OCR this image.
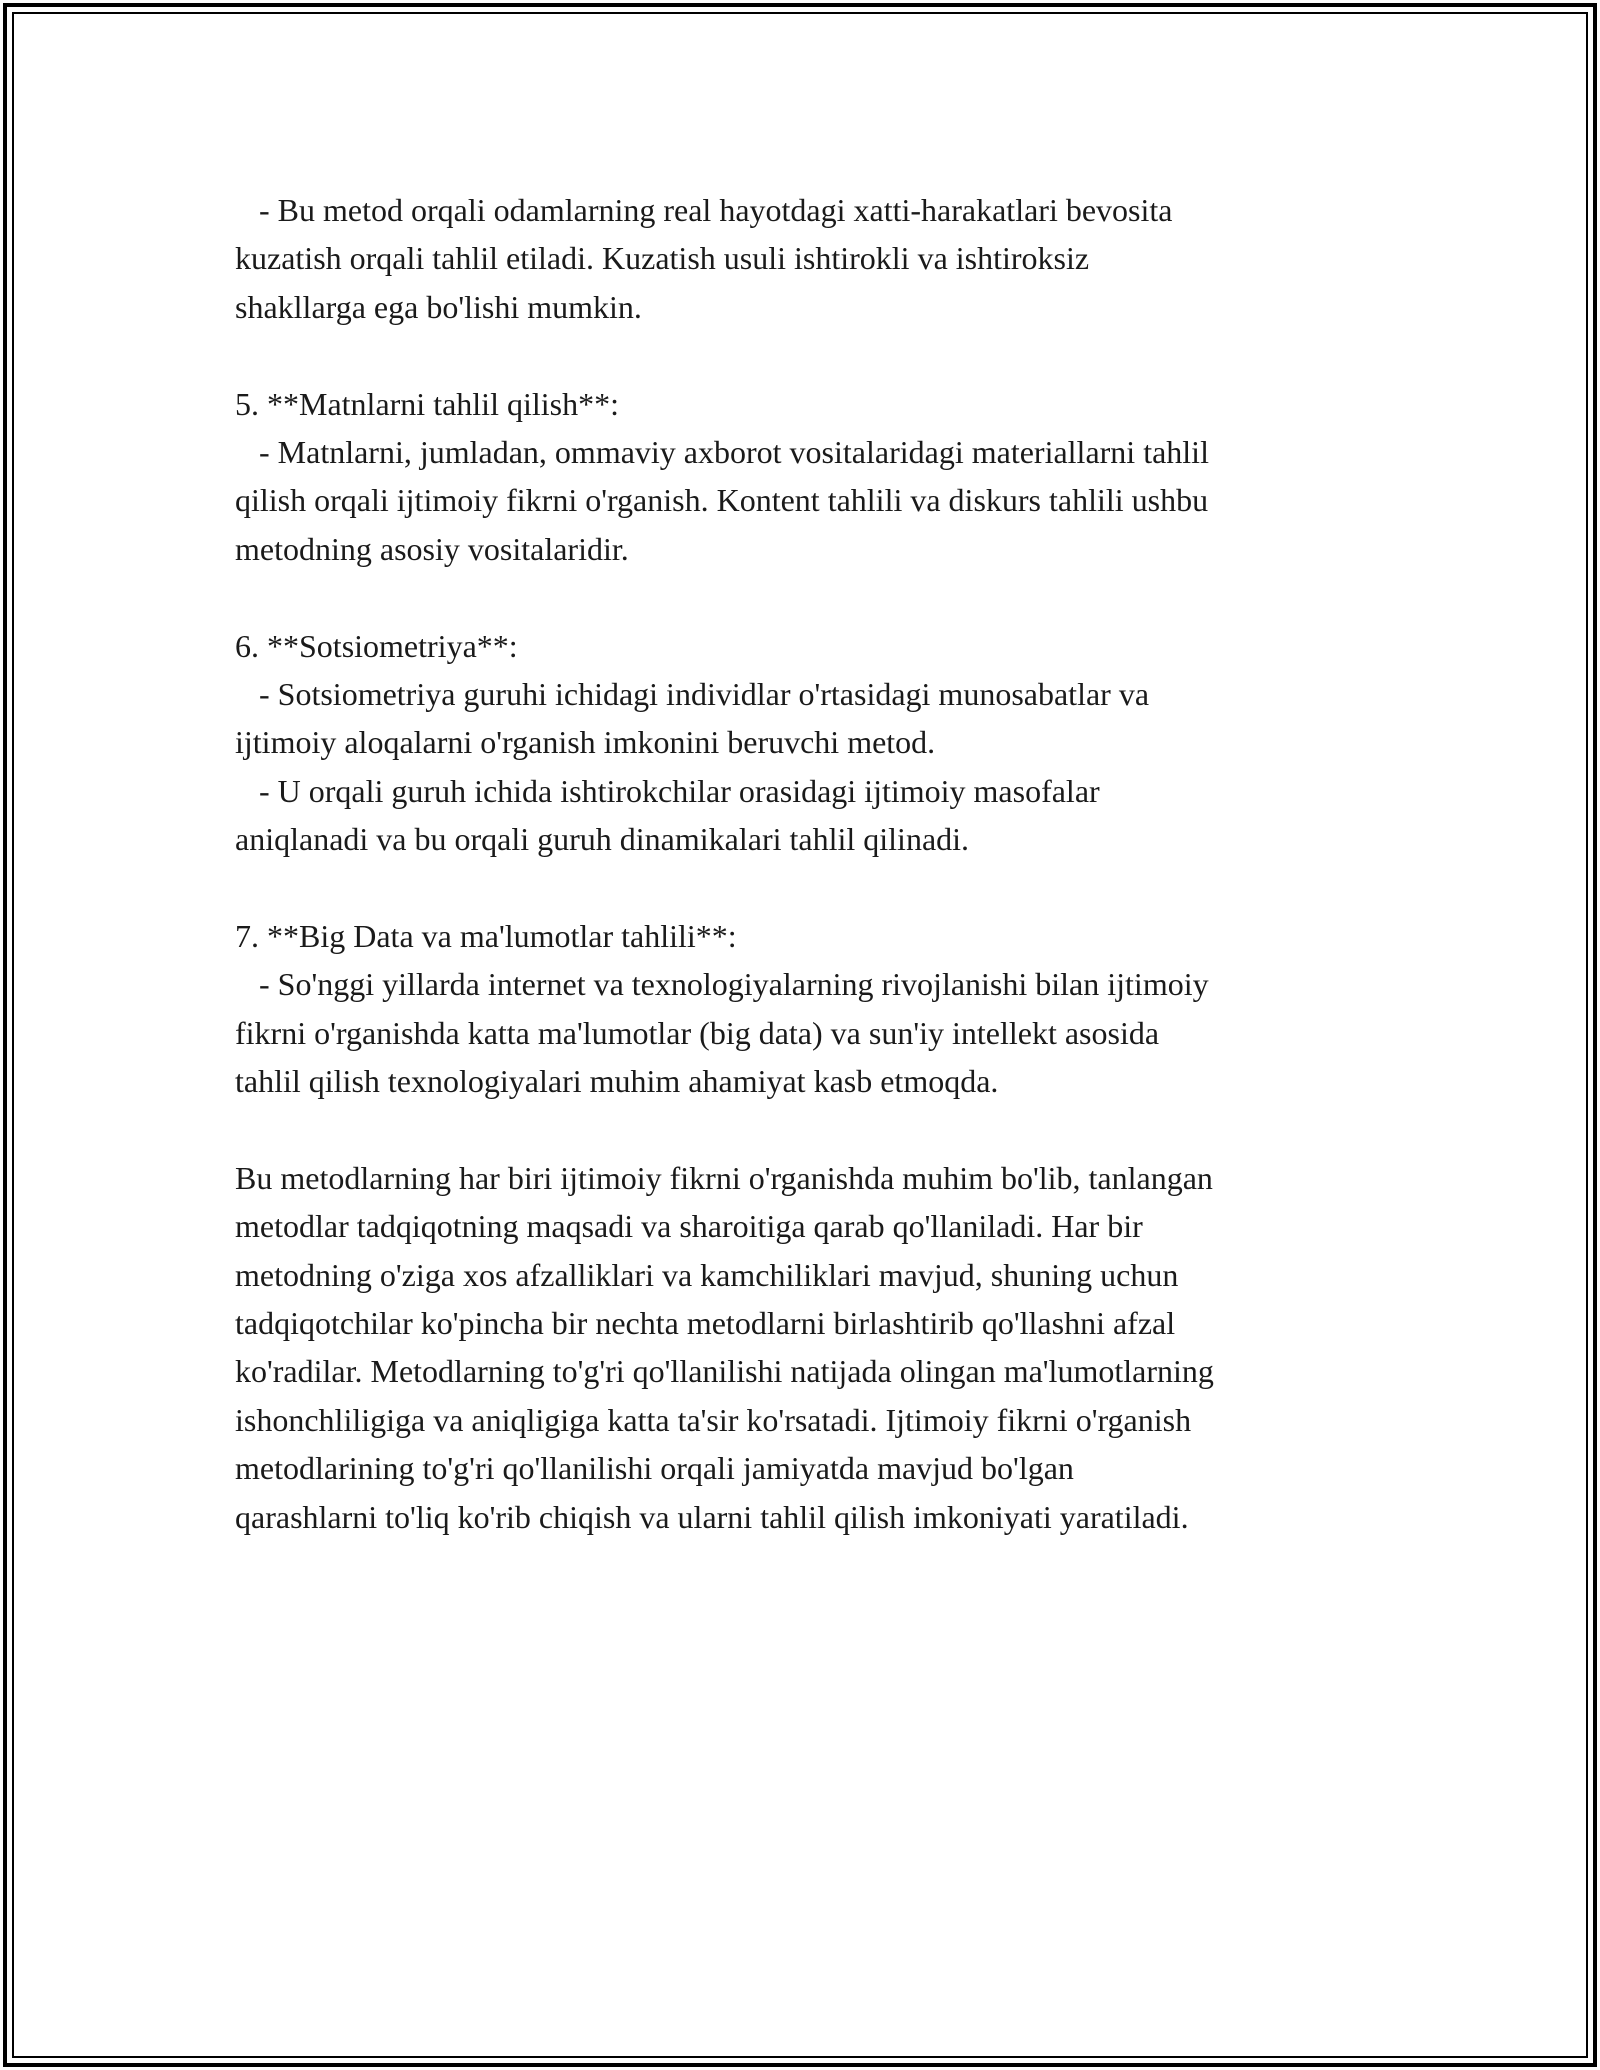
- Bu metod orqali odamlarning real hayotdagi xatti-harakatlari bevosita
kuzatish orqali tahlil etiladi. Kuzatish usuli ishtirokli va ishtiroksiz
shakllarga ega bo'lishi mumkin.
5. **Matnlarni tahlil qilish**:
- Matnlarni, jumladan, ommaviy axborot vositalaridagi materiallarni tahlil
qilish orqali ijtimoiy fikrni o'rganish. Kontent tahlili va diskurs tahlili ushbu
metodning asosiy vositalaridir.
6. **Sotsiometriya**:
- Sotsiometriya guruhi ichidagi individlar o'rtasidagi munosabatlar va
ijtimoiy aloqalarni o'rganish imkonini beruvchi metod.
- U orqali guruh ichida ishtirokchilar orasidagi ijtimoiy masofalar
aniqlanadi va bu orqali guruh dinamikalari tahlil qilinadi.
7. **Big Data va ma'lumotlar tahlili**:
- So'nggi yillarda internet va texnologiyalarning rivojlanishi bilan ijtimoiy
fikrni o'rganishda katta ma'lumotlar (big data) va sun'iy intellekt asosida
tahlil qilish texnologiyalari muhim ahamiyat kasb etmoqda.
Bu metodlarning har biri ijtimoiy fikrni o'rganishda muhim bo'lib, tanlangan
metodlar tadqiqotning maqsadi va sharoitiga qarab qo'llaniladi. Har bir
metodning o'ziga xos afzalliklari va kamchiliklari mavjud, shuning uchun
tadqiqotchilar ko'pincha bir nechta metodlarni birlashtirib qo'llashni afzal
ko'radilar. Metodlarning to'g'ri qo'llanilishi natijada olingan ma'lumotlarning
ishonchliligiga va aniqligiga katta ta'sir ko'rsatadi. Ijtimoiy fikrni o'rganish
metodlarining to'g'ri qo'llanilishi orqali jamiyatda mavjud bo'lgan
qarashlarni to'liq ko'rib chiqish va ularni tahlil qilish imkoniyati yaratiladi.
